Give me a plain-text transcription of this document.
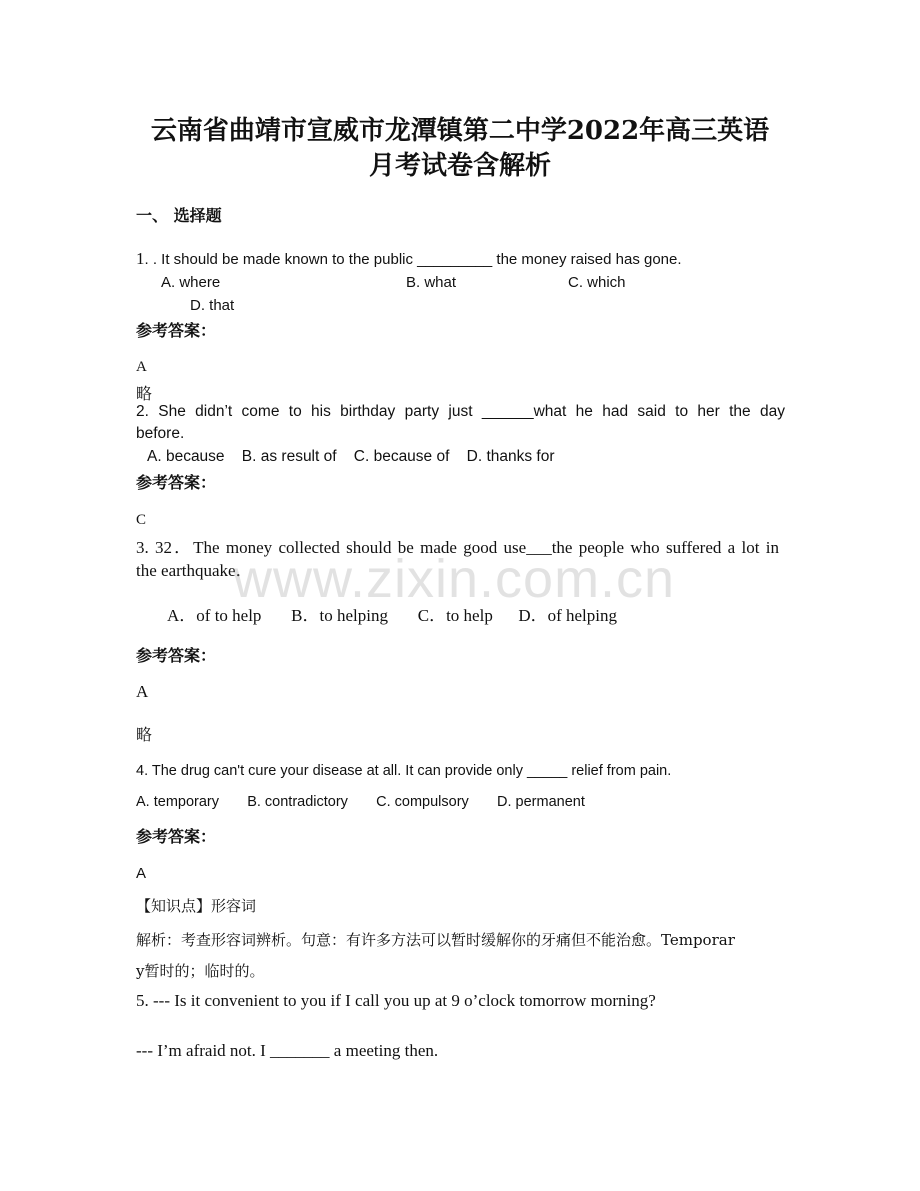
云南省曲靖市宣威市龙潭镇第二中学2022年高三英语
月考试卷含解析
一、 选择题
1. . It should be made known to the public _________ the money raised has gone.
A. where	B. what	C. which
D. that
参考答案：
A
略
2. She didn’t come to his birthday party just ______what he had said to her the day
before.
A. because    B. as result of    C. because of    D. thanks for
参考答案：
C
3. 32．The money collected should be made good use___the people who suffered a lot in
the earthquake．
A．of to help       B．to helping       C．to help      D．of helping
参考答案：
A
略
4. The drug can't cure your disease at all. It can provide only _____ relief from pain.
A. temporary       B. contradictory       C. compulsory       D. permanent
参考答案：
A
【知识点】形容词
解析：考查形容词辨析。句意：有许多方法可以暂时缓解你的牙痛但不能治愈。Temporar
y暂时的；临时的。
5. --- Is it convenient to you if I call you up at 9 o’clock tomorrow morning?
--- I’m afraid not. I _______ a meeting then.
www.zixin.com.cn
